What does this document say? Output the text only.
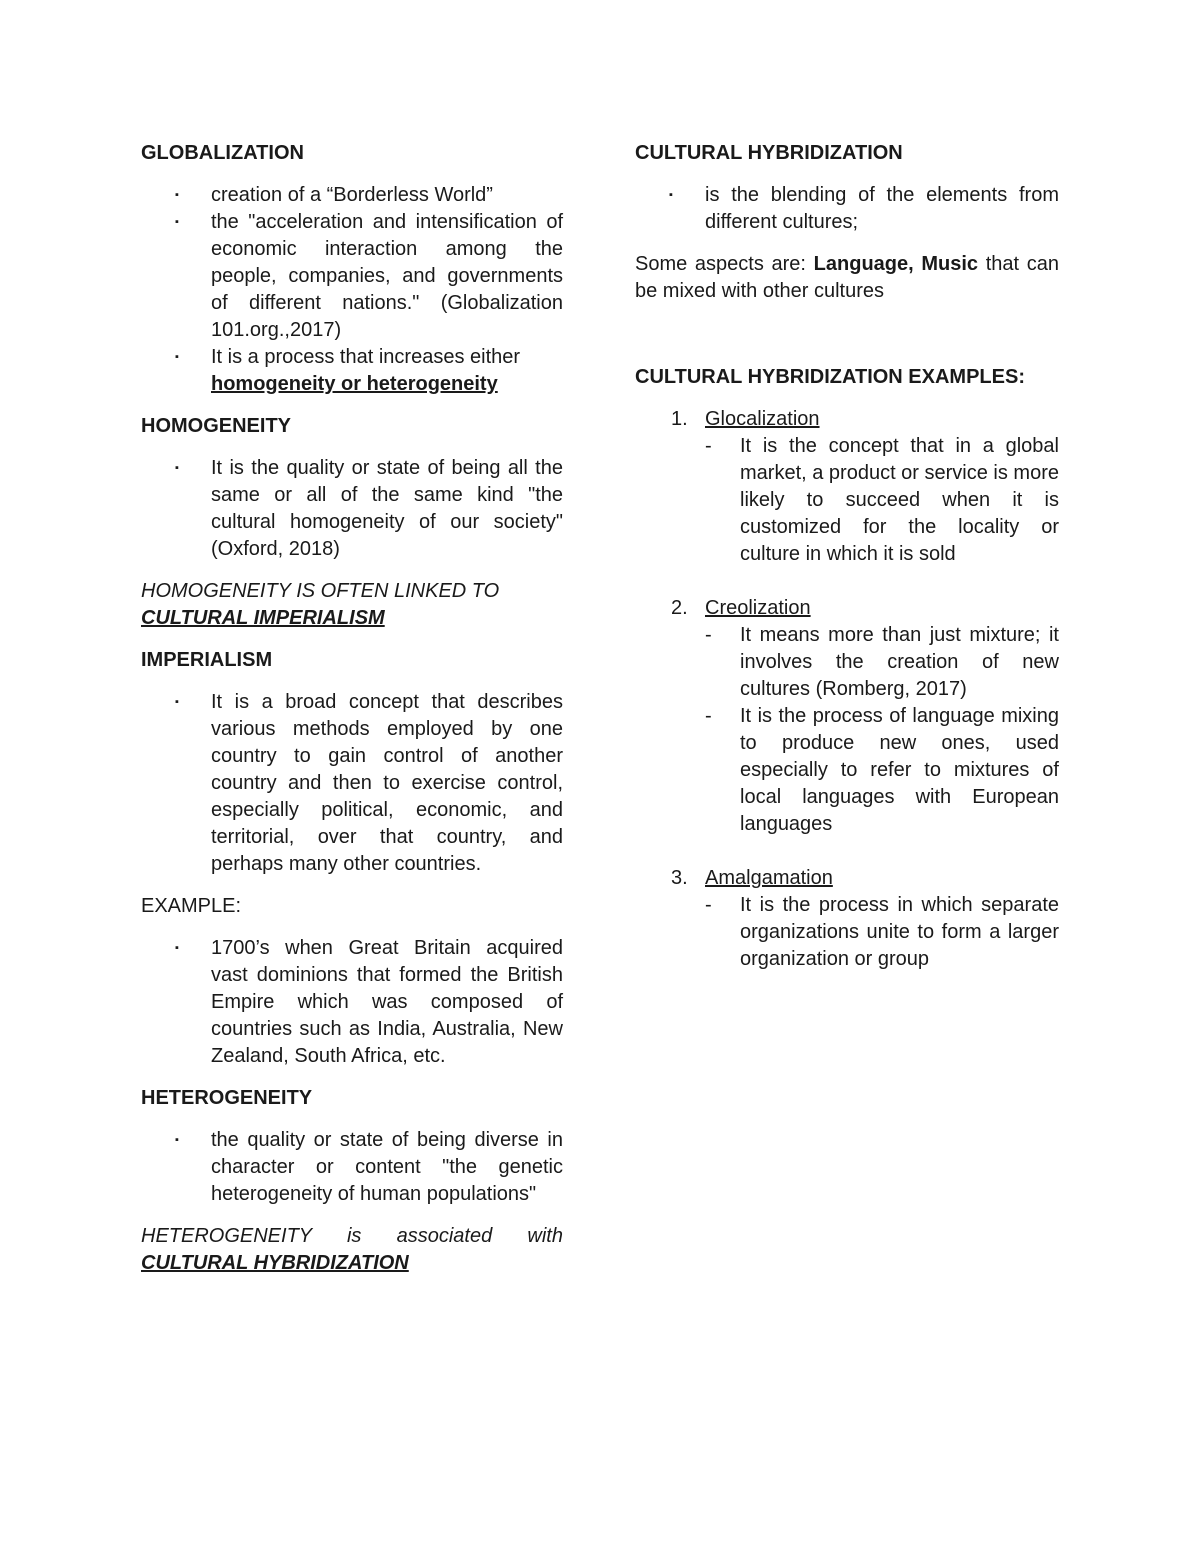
GLOBALIZATION

▪ creation of a “Borderless World”
▪ the "acceleration and intensification of economic interaction among the people, companies, and governments of different nations." (Globalization 101.org.,2017)
▪ It is a process that increases either
homogeneity or heterogeneity

HOMOGENEITY

▪ It is the quality or state of being all the same or all of the same kind "the cultural homogeneity of our society" (Oxford, 2018)

HOMOGENEITY IS OFTEN LINKED TO
CULTURAL IMPERIALISM

IMPERIALISM

▪ It is a broad concept that describes various methods employed by one country to gain control of another country and then to exercise control, especially political, economic, and territorial, over that country, and perhaps many other countries.

EXAMPLE:

▪ 1700’s when Great Britain acquired vast dominions that formed the British Empire which was composed of countries such as India, Australia, New Zealand, South Africa, etc.

HETEROGENEITY

▪ the quality or state of being diverse in character or content "the genetic heterogeneity of human populations"

HETEROGENEITY is associated with

CULTURAL HYBRIDIZATION

CULTURAL HYBRIDIZATION

▪ is the blending of the elements from different cultures;

Some aspects are: Language, Music that can be mixed with other cultures

CULTURAL HYBRIDIZATION EXAMPLES:

1. Glocalization
- It is the concept that in a global market, a product or service is more likely to succeed when it is customized for the locality or culture in which it is sold
2. Creolization
- It means more than just mixture; it involves the creation of new cultures (Romberg, 2017)
- It is the process of language mixing to produce new ones, used especially to refer to mixtures of local languages with European languages
3. Amalgamation
- It is the process in which separate organizations unite to form a larger organization or group
